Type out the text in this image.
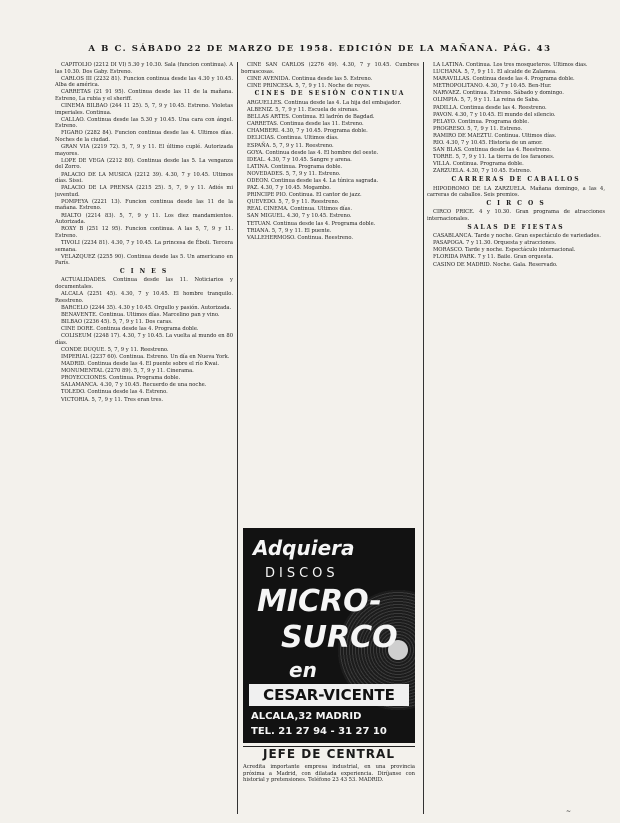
A B C. SÁBADO 22 DE MARZO DE 1958. EDICIÓN DE LA MAÑANA. PÁG. 43

CAPITOLIO (2212 DI VI) 5.30 y 10.30. Sala (funcion continua). A las 10.30. Dos Gaby. Estreno.

CARLOS III (2232 81). Funcion continua desde las 4.30 y 10.45. Alba de américa.

CARRETAS (21 91 95). Continua desde las 11 de la mañana. Estreno, La rubia y el sheriff.

CINEMA BILBAO (244 11 25). 5, 7, 9 y 10.45. Estreno. Violetas imperiales. Continua.

CALLAO. Continua desde las 5.30 y 10.45. Una cara con ángel. Estreno.

FIGARO (2282 84). Funcion continua desde las 4. Ultimos días. Noches de la ciudad.

GRAN VIA (2219 72). 5, 7, 9 y 11. El último cuplé. Autorizada mayores.

LOPE DE VEGA (2212 80). Continua desde las 5. La venganza del Zorro.

PALACIO DE LA MUSICA (2212 39). 4.30, 7 y 10.45. Ultimos días. Sissi.

PALACIO DE LA PRENSA (2215 25). 5, 7, 9 y 11. Adiós mi juventud.

POMPEYA (2221 13). Funcion continua desde las 11 de la mañana. Estreno.

RIALTO (2214 83). 5, 7, 9 y 11. Los diez mandamientos. Autorizada.

ROXY B (251 12 95). Funcion continua. A las 5, 7, 9 y 11. Estreno.

TIVOLI (2234 81). 4.30, 7 y 10.45. La princesa de Éboli. Tercera semana.

VELAZQUEZ (2255 90). Continua desde las 5. Un americano en París.

C I N E S

ACTUALIDADES. Continua desde las 11. Noticiarios y documentales.

ALCALA (2251 45). 4.30, 7 y 10.45. El hombre tranquilo. Reestreno.

BARCELO (2244 35). 4.30 y 10.45. Orgullo y pasión. Autorizada.

BENAVENTE. Continua. Ultimos días. Marcelino pan y vino.

BILBAO (2236 45). 5, 7, 9 y 11. Dos caras.

CINE DORE. Continua desde las 4. Programa doble.

COLISEUM (2248 17). 4.30, 7 y 10.45. La vuelta al mundo en 80 días.

CONDE DUQUE. 5, 7, 9 y 11. Reestreno.

IMPERIAL (2237 60). Continua. Estreno. Un día en Nueva York.

MADRID. Continua desde las 4. El puente sobre el río Kwai.

MONUMENTAL (2270 89). 5, 7, 9 y 11. Cinerama.

PROYECCIONES. Continua. Programa doble.

SALAMANCA. 4.30, 7 y 10.45. Recuerdo de una noche.

TOLEDO. Continua desde las 4. Estreno.

VICTORIA. 5, 7, 9 y 11. Tres eran tres.

CINE SAN CARLOS (2276 49). 4.30, 7 y 10.45. Cumbres borrascosas.

CINE AVENIDA. Continua desde las 5. Estreno.

CINE PRINCESA. 5, 7, 9 y 11. Noche de reyes.

CINES DE SESIÓN CONTINUA

ARGUELLES. Continua desde las 4. La hija del embajador.

ALBENIZ. 5, 7, 9 y 11. Escuela de sirenas.

BELLAS ARTES. Continua. El ladrón de Bagdad.

CARRETAS. Continua desde las 11. Estreno.

CHAMBERI. 4.30, 7 y 10.45. Programa doble.

DELICIAS. Continua. Ultimos días.

ESPAÑA. 5, 7, 9 y 11. Reestreno.

GOYA. Continua desde las 4. El hombre del oeste.

IDEAL. 4.30, 7 y 10.45. Sangre y arena.

LATINA. Continua. Programa doble.

NOVEDADES. 5, 7, 9 y 11. Estreno.

ODEON. Continua desde las 4. La túnica sagrada.

PAZ. 4.30, 7 y 10.45. Mogambo.

PRINCIPE PIO. Continua. El cantor de jazz.

QUEVEDO. 5, 7, 9 y 11. Reestreno.

REAL CINEMA. Continua. Ultimos días.

SAN MIGUEL. 4.30, 7 y 10.45. Estreno.

TETUAN. Continua desde las 4. Programa doble.

TRIANA. 5, 7, 9 y 11. El puente.

VALLEHERMOSO. Continua. Reestreno.

LA LATINA. Continua. Los tres mosqueteros. Ultimos días.

LUCHANA. 5, 7, 9 y 11. El alcalde de Zalamea.

MARAVILLAS. Continua desde las 4. Programa doble.

METROPOLITANO. 4.30, 7 y 10.45. Ben-Hur.

NARVAEZ. Continua. Estreno. Sábado y domingo.

OLIMPIA. 5, 7, 9 y 11. La reina de Saba.

PADILLA. Continua desde las 4. Reestreno.

PAVON. 4.30, 7 y 10.45. El mundo del silencio.

PELAYO. Continua. Programa doble.

PROGRESO. 5, 7, 9 y 11. Estreno.

RAMIRO DE MAEZTU. Continua. Ultimos días.

RIO. 4.30, 7 y 10.45. Historia de un amor.

SAN BLAS. Continua desde las 4. Reestreno.

TORRE. 5, 7, 9 y 11. La tierra de los faraones.

VILLA. Continua. Programa doble.

ZARZUELA. 4.30, 7 y 10.45. Estreno.

CARRERAS DE CABALLOS

HIPODROMO DE LA ZARZUELA. Mañana domingo, a las 4, carreras de caballos. Seis premios.

C I R C O S

CIRCO PRICE. 4 y 10.30. Gran programa de atracciones internacionales.

SALAS DE FIESTAS

CASABLANCA. Tarde y noche. Gran espectáculo de variedades.

PASAPOGA. 7 y 11.30. Orquesta y atracciones.

MORASCO. Tarde y noche. Espectáculo internacional.

FLORIDA PARK. 7 y 11. Baile. Gran orquesta.

CASINO DE MADRID. Noche. Gala. Reservado.

Adquiera
DISCOS
MICRO-
SURCO
en
CESAR-VICENTE
ALCALA,32 MADRID
TEL. 21 27 94 - 31 27 10
JEFE DE CENTRAL
Acredita importante empresa industrial, en una provincia próxima a Madrid, con dilatada experiencia. Diríjanse con historial y pretensiones. Teléfono 23 43 53. MADRID.
~
